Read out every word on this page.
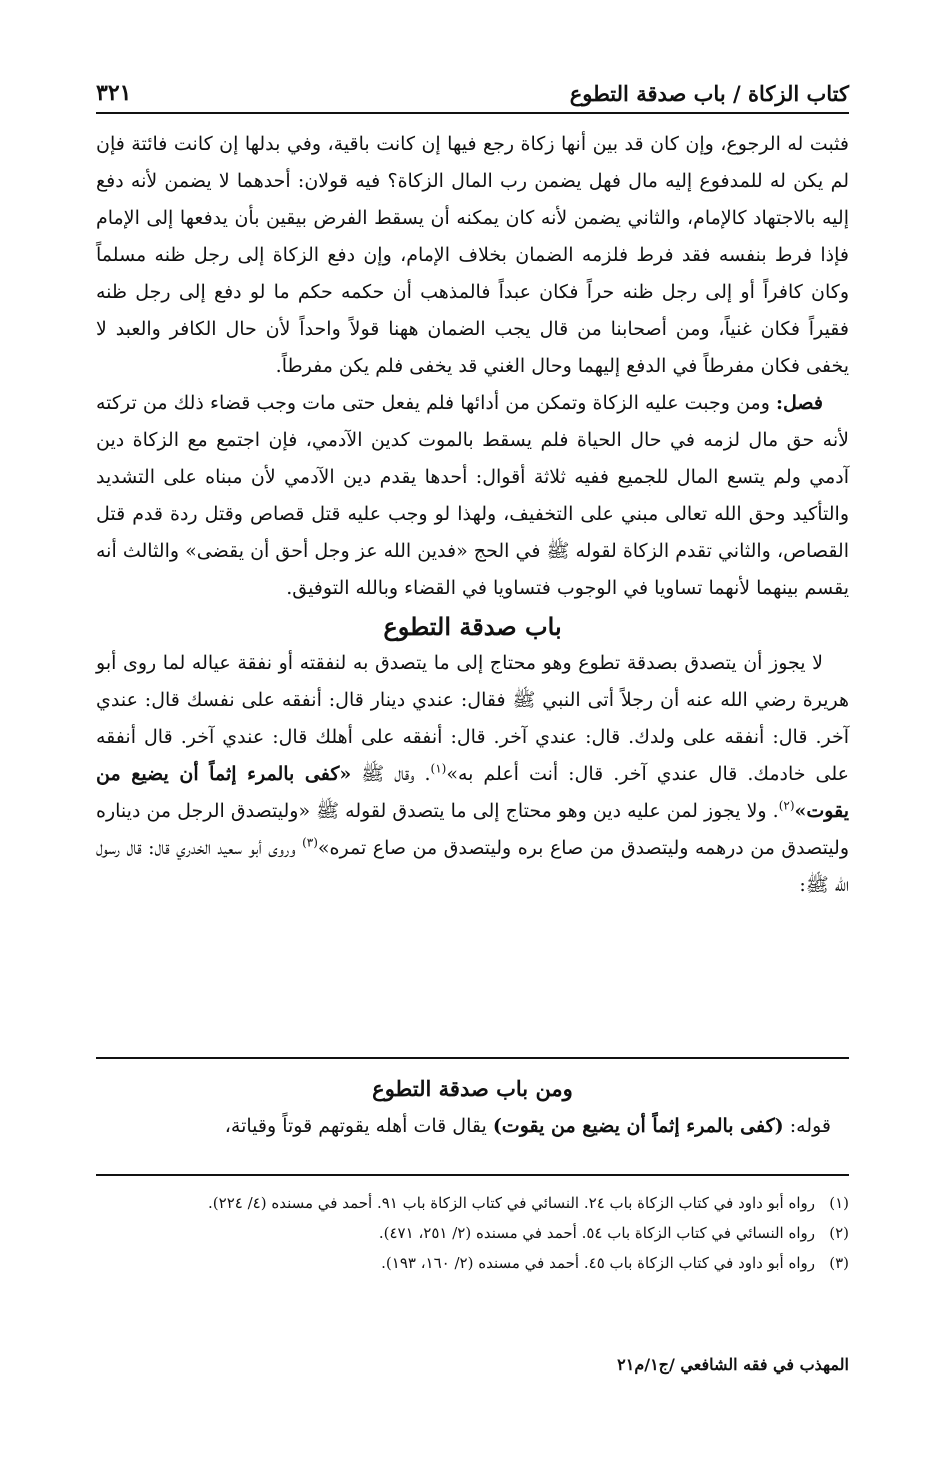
كتاب الزكاة / باب صدقة التطوع
٣٢١

فثبت له الرجوع، وإن كان قد بين أنها زكاة رجع فيها إن كانت باقية، وفي بدلها إن كانت فائتة فإن لم يكن له للمدفوع إليه مال فهل يضمن رب المال الزكاة؟ فيه قولان: أحدهما لا يضمن لأنه دفع إليه بالاجتهاد كالإمام، والثاني يضمن لأنه كان يمكنه أن يسقط الفرض بيقين بأن يدفعها إلى الإمام فإذا فرط بنفسه فقد فرط فلزمه الضمان بخلاف الإمام، وإن دفع الزكاة إلى رجل ظنه مسلماً وكان كافراً أو إلى رجل ظنه حراً فكان عبداً فالمذهب أن حكمه حكم ما لو دفع إلى رجل ظنه فقيراً فكان غنياً، ومن أصحابنا من قال يجب الضمان ههنا قولاً واحداً لأن حال الكافر والعبد لا يخفى فكان مفرطاً في الدفع إليهما وحال الغني قد يخفى فلم يكن مفرطاً.

فصل: ومن وجبت عليه الزكاة وتمكن من أدائها فلم يفعل حتى مات وجب قضاء ذلك من تركته لأنه حق مال لزمه في حال الحياة فلم يسقط بالموت كدين الآدمي، فإن اجتمع مع الزكاة دين آدمي ولم يتسع المال للجميع ففيه ثلاثة أقوال: أحدها يقدم دين الآدمي لأن مبناه على التشديد والتأكيد وحق الله تعالى مبني على التخفيف، ولهذا لو وجب عليه قتل قصاص وقتل ردة قدم قتل القصاص، والثاني تقدم الزكاة لقوله ﷺ في الحج «فدين الله عز وجل أحق أن يقضى» والثالث أنه يقسم بينهما لأنهما تساويا في الوجوب فتساويا في القضاء وبالله التوفيق.

باب صدقة التطوع

لا يجوز أن يتصدق بصدقة تطوع وهو محتاج إلى ما يتصدق به لنفقته أو نفقة عياله لما روى أبو هريرة رضي الله عنه أن رجلاً أتى النبي ﷺ فقال: عندي دينار قال: أنفقه على نفسك قال: عندي آخر. قال: أنفقه على ولدك. قال: عندي آخر. قال: أنفقه على أهلك قال: عندي آخر. قال أنفقه على خادمك. قال عندي آخر. قال: أنت أعلم به»$^{(١)}$. وقال ﷺ «كفى بالمرء إثماً أن يضيع من يقوت»$^{(٢)}$. ولا يجوز لمن عليه دين وهو محتاج إلى ما يتصدق لقوله ﷺ «وليتصدق الرجل من ديناره وليتصدق من درهمه وليتصدق من صاع بره وليتصدق من صاع تمره»$^{(٣)}$ وروى أبو سعيد الخدري قال: قال رسول الله ﷺ:

ومن باب صدقة التطوع

قوله: (كفى بالمرء إثماً أن يضيع من يقوت) يقال قات أهله يقوتهم قوتاً وقياتة،

(١)
رواه أبو داود في كتاب الزكاة باب ٢٤. النسائي في كتاب الزكاة باب ٩١. أحمد في مسنده (٤/ ٢٢٤).

(٢)
رواه النسائي في كتاب الزكاة باب ٥٤. أحمد في مسنده (٢/ ٢٥١، ٤٧١).

(٣)
رواه أبو داود في كتاب الزكاة باب ٤٥. أحمد في مسنده (٢/ ١٦٠، ١٩٣).

المهذب في فقه الشافعي /ج١/م٢١
